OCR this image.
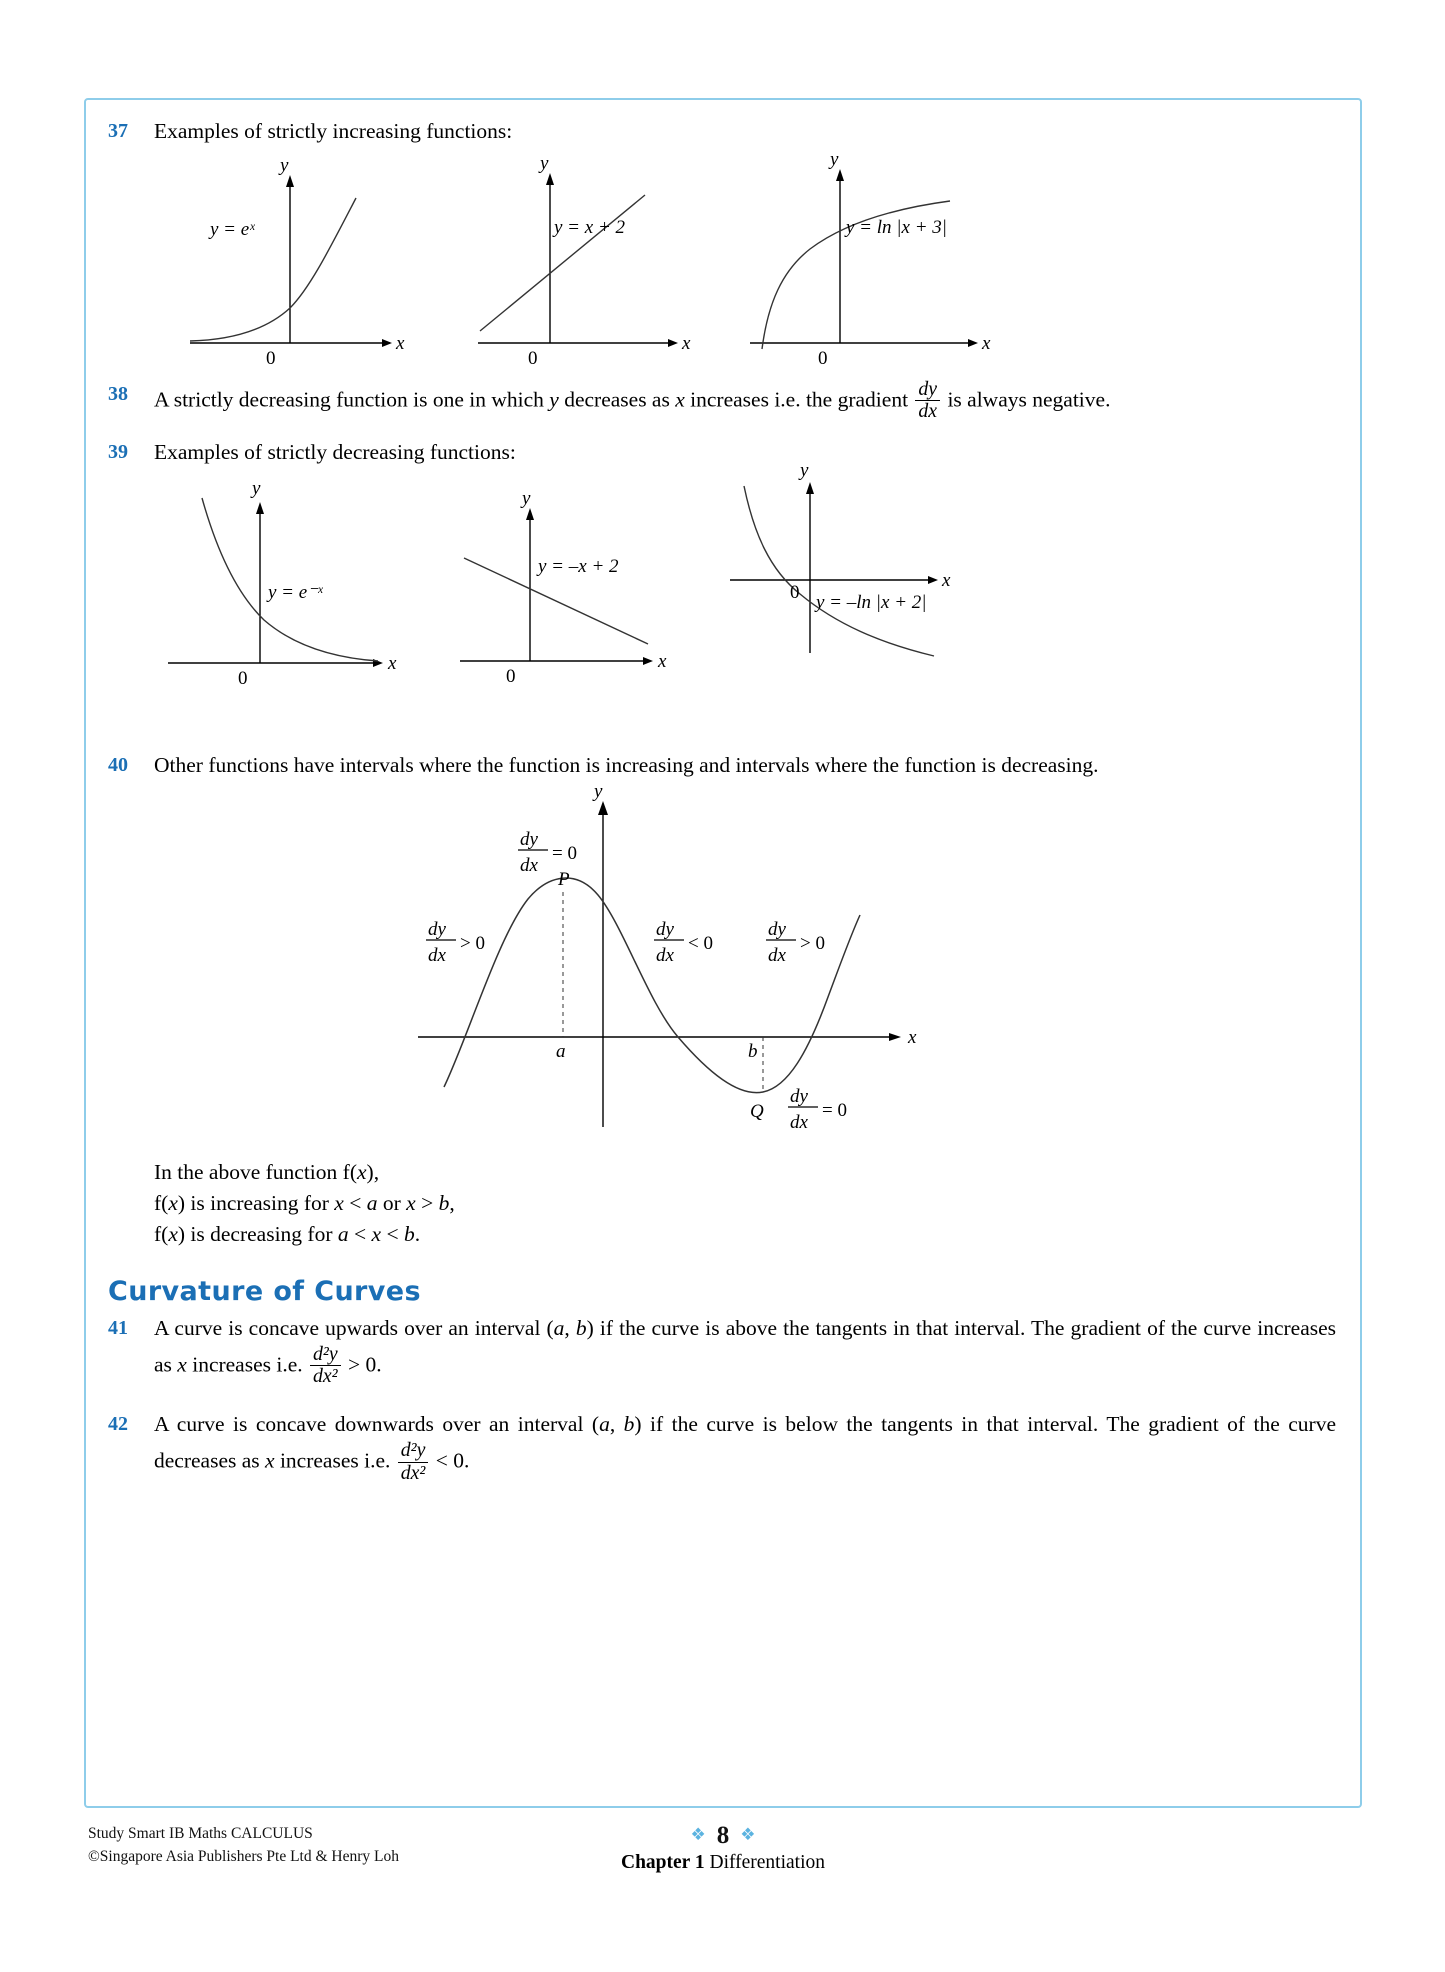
37	Examples of strictly increasing functions:
y
x
0
y = eˣ
y
x
0
y = x + 2
y
x
0
y = ln |x + 3|
38	A strictly decreasing function is one in which y decreases as x increases i.e. the gradient $\frac{dy}{dx}$ is always negative.
39	Examples of strictly decreasing functions:
y
x
0
y = e⁻ˣ
y
x
0
y = –x + 2
y
x
0 y = –ln |x + 2|
40	Other functions have intervals where the function is increasing and intervals where the function is decreasing.
y
x
a	b
P
Q
dy
dx
= 0
dy
dx
> 0
dy
dx
< 0
dy
dx
> 0
dy
dx
= 0
In the above function f(x),
f(x) is increasing for x < a or x > b,
f(x) is decreasing for a < x < b.
Curvature of Curves
41	A curve is concave upwards over an interval (a, b) if the curve is above the tangents in that interval. The gradient of the curve increases as x increases i.e. $\frac{\text{d²y}}{\text{dx²}} > 0$.
42	A curve is concave downwards over an interval (a, b) if the curve is below the tangents in that interval. The gradient of the curve decreases as x increases i.e. $\frac{\text{d²y}}{\text{dx²}} < 0$.
Study Smart IB Maths CALCULUS
©Singapore Asia Publishers Pte Ltd & Henry Loh
❖ 8 ❖
Chapter 1 Differentiation
